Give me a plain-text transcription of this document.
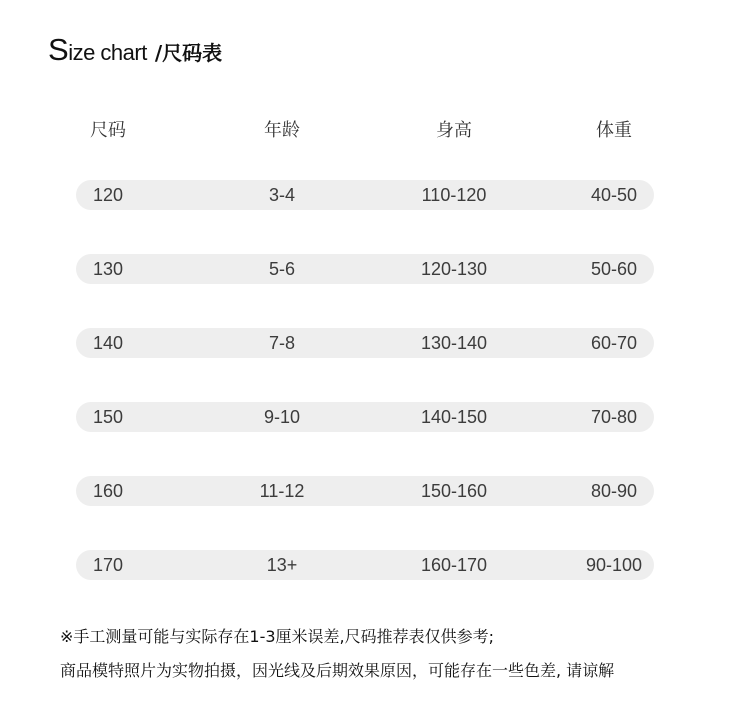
Size chart /尺码表
尺码	年龄	身高	体重
120	3-4	110-120	40-50
130	5-6	120-130	50-60
140	7-8	130-140	60-70
150	9-10	140-150	70-80
160	11-12	150-160	80-90
170	13+	160-170	90-100
※手工测量可能与实际存在1-3厘米误差,尺码推荐表仅供参考;
商品模特照片为实物拍摄，因光线及后期效果原因，可能存在一些色差, 请谅解
